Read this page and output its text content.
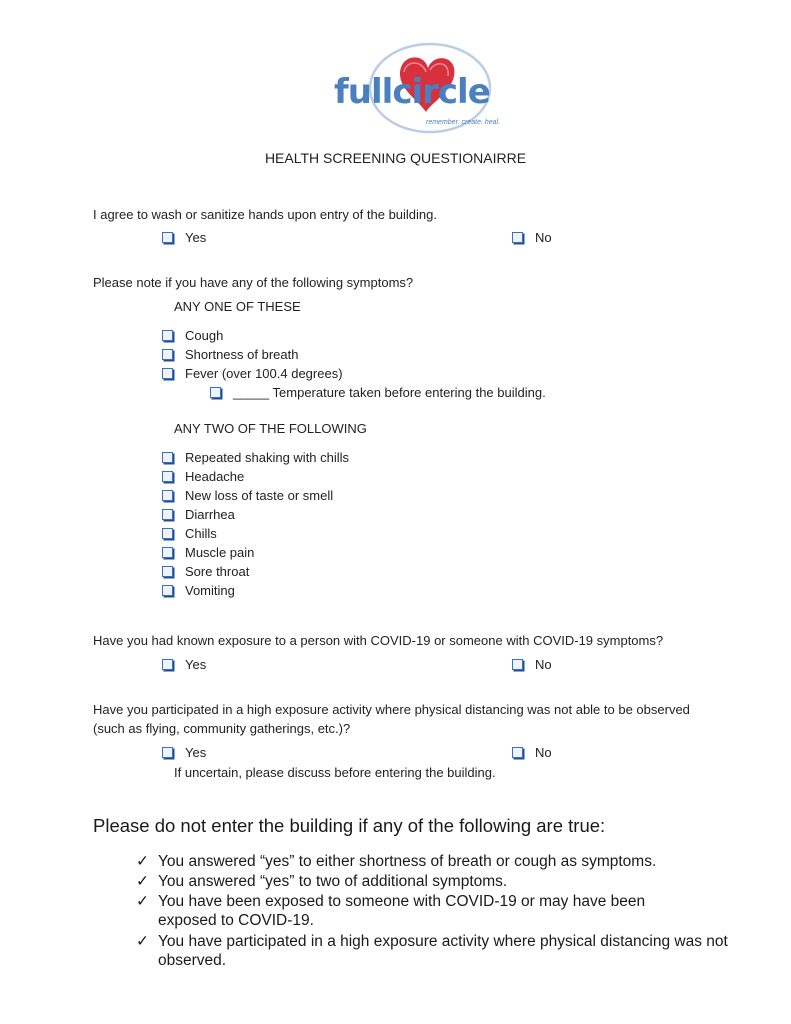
fullcircle
remember. create. heal.
HEALTH SCREENING QUESTIONAIRRE
I agree to wash or sanitize hands upon entry of the building.
Yes	No
Please note if you have any of the following symptoms?
ANY ONE OF THESE
Cough
Shortness of breath
Fever (over 100.4 degrees)
_____ Temperature taken before entering the building.
ANY TWO OF THE FOLLOWING
Repeated shaking with chills
Headache
New loss of taste or smell
Diarrhea
Chills
Muscle pain
Sore throat
Vomiting
Have you had known exposure to a person with COVID-19 or someone with COVID-19 symptoms?
Yes	No
Have you participated in a high exposure activity where physical distancing was not able to be observed
(such as flying, community gatherings, etc.)?
Yes	No
If uncertain, please discuss before entering the building.
Please do not enter the building if any of the following are true:
✓ You answered “yes” to either shortness of breath or cough as symptoms.
✓ You answered “yes” to two of additional symptoms.
✓ You have been exposed to someone with COVID-19 or may have been exposed to COVID-19.
✓ You have participated in a high exposure activity where physical distancing was not observed.
